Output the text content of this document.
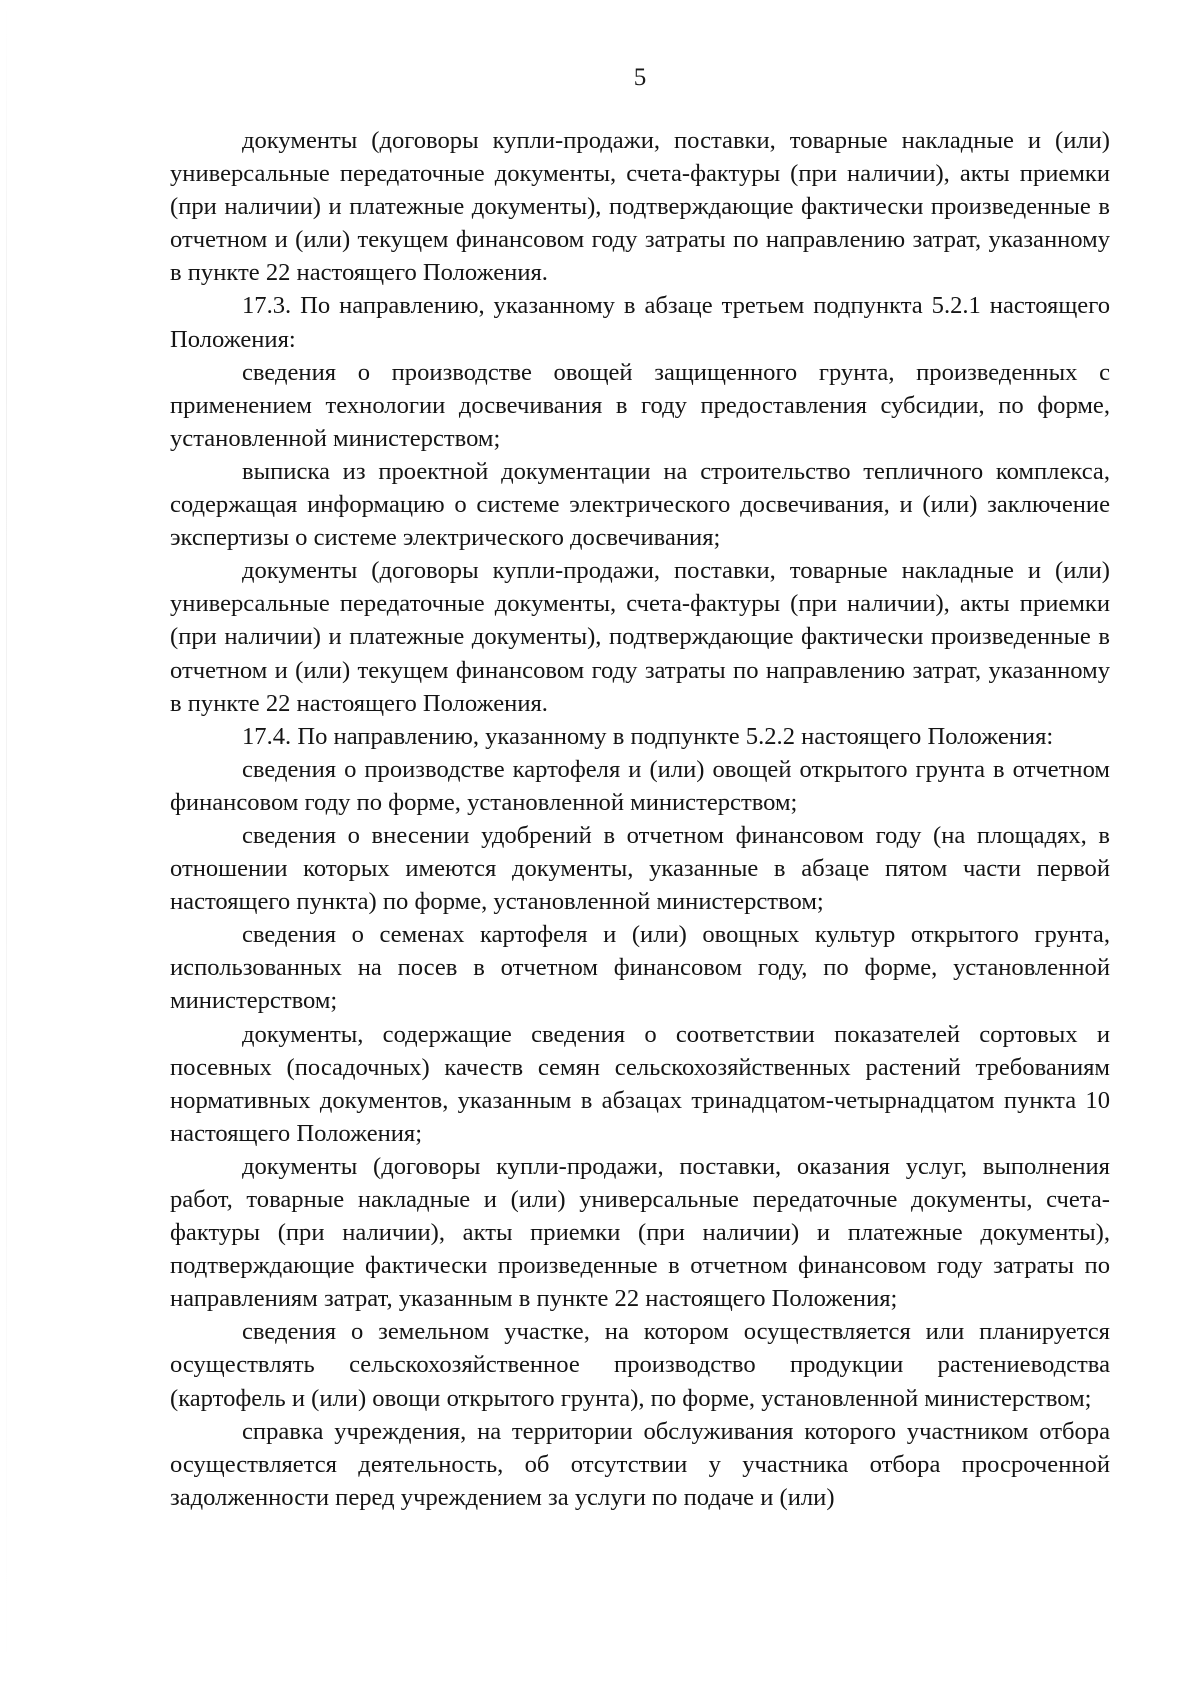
5

документы (договоры купли-продажи, поставки, товарные накладные и (или) универсальные передаточные документы, счета-фактуры (при наличии), акты приемки (при наличии) и платежные документы), подтверждающие фактически произведенные в отчетном и (или) текущем финансовом году затраты по направлению затрат, указанному в пункте 22 настоящего Положения.

17.3. По направлению, указанному в абзаце третьем подпункта 5.2.1 настоящего Положения:

сведения о производстве овощей защищенного грунта, произведенных с применением технологии досвечивания в году предоставления субсидии, по форме, установленной министерством;

выписка из проектной документации на строительство тепличного комплекса, содержащая информацию о системе электрического досвечивания, и (или) заключение экспертизы о системе электрического досвечивания;

документы (договоры купли-продажи, поставки, товарные накладные и (или) универсальные передаточные документы, счета-фактуры (при наличии), акты приемки (при наличии) и платежные документы), подтверждающие фактически произведенные в отчетном и (или) текущем финансовом году затраты по направлению затрат, указанному в пункте 22 настоящего Положения.

17.4. По направлению, указанному в подпункте 5.2.2 настоящего Положения:

сведения о производстве картофеля и (или) овощей открытого грунта в отчетном финансовом году по форме, установленной министерством;

сведения о внесении удобрений в отчетном финансовом году (на площадях, в отношении которых имеются документы, указанные в абзаце пятом части первой настоящего пункта) по форме, установленной министерством;

сведения о семенах картофеля и (или) овощных культур открытого грунта, использованных на посев в отчетном финансовом году, по форме, установленной министерством;

документы, содержащие сведения о соответствии показателей сортовых и посевных (посадочных) качеств семян сельскохозяйственных растений требованиям нормативных документов, указанным в абзацах тринадцатом-четырнадцатом пункта 10 настоящего Положения;

документы (договоры купли-продажи, поставки, оказания услуг, выполнения работ, товарные накладные и (или) универсальные передаточные документы, счета-фактуры (при наличии), акты приемки (при наличии) и платежные документы), подтверждающие фактически произведенные в отчетном финансовом году затраты по направлениям затрат, указанным в пункте 22 настоящего Положения;

сведения о земельном участке, на котором осуществляется или планируется осуществлять сельскохозяйственное производство продукции растениеводства (картофель и (или) овощи открытого грунта), по форме, установленной министерством;

справка учреждения, на территории обслуживания которого участником отбора осуществляется деятельность, об отсутствии у участника отбора просроченной задолженности перед учреждением за услуги по подаче и (или)
